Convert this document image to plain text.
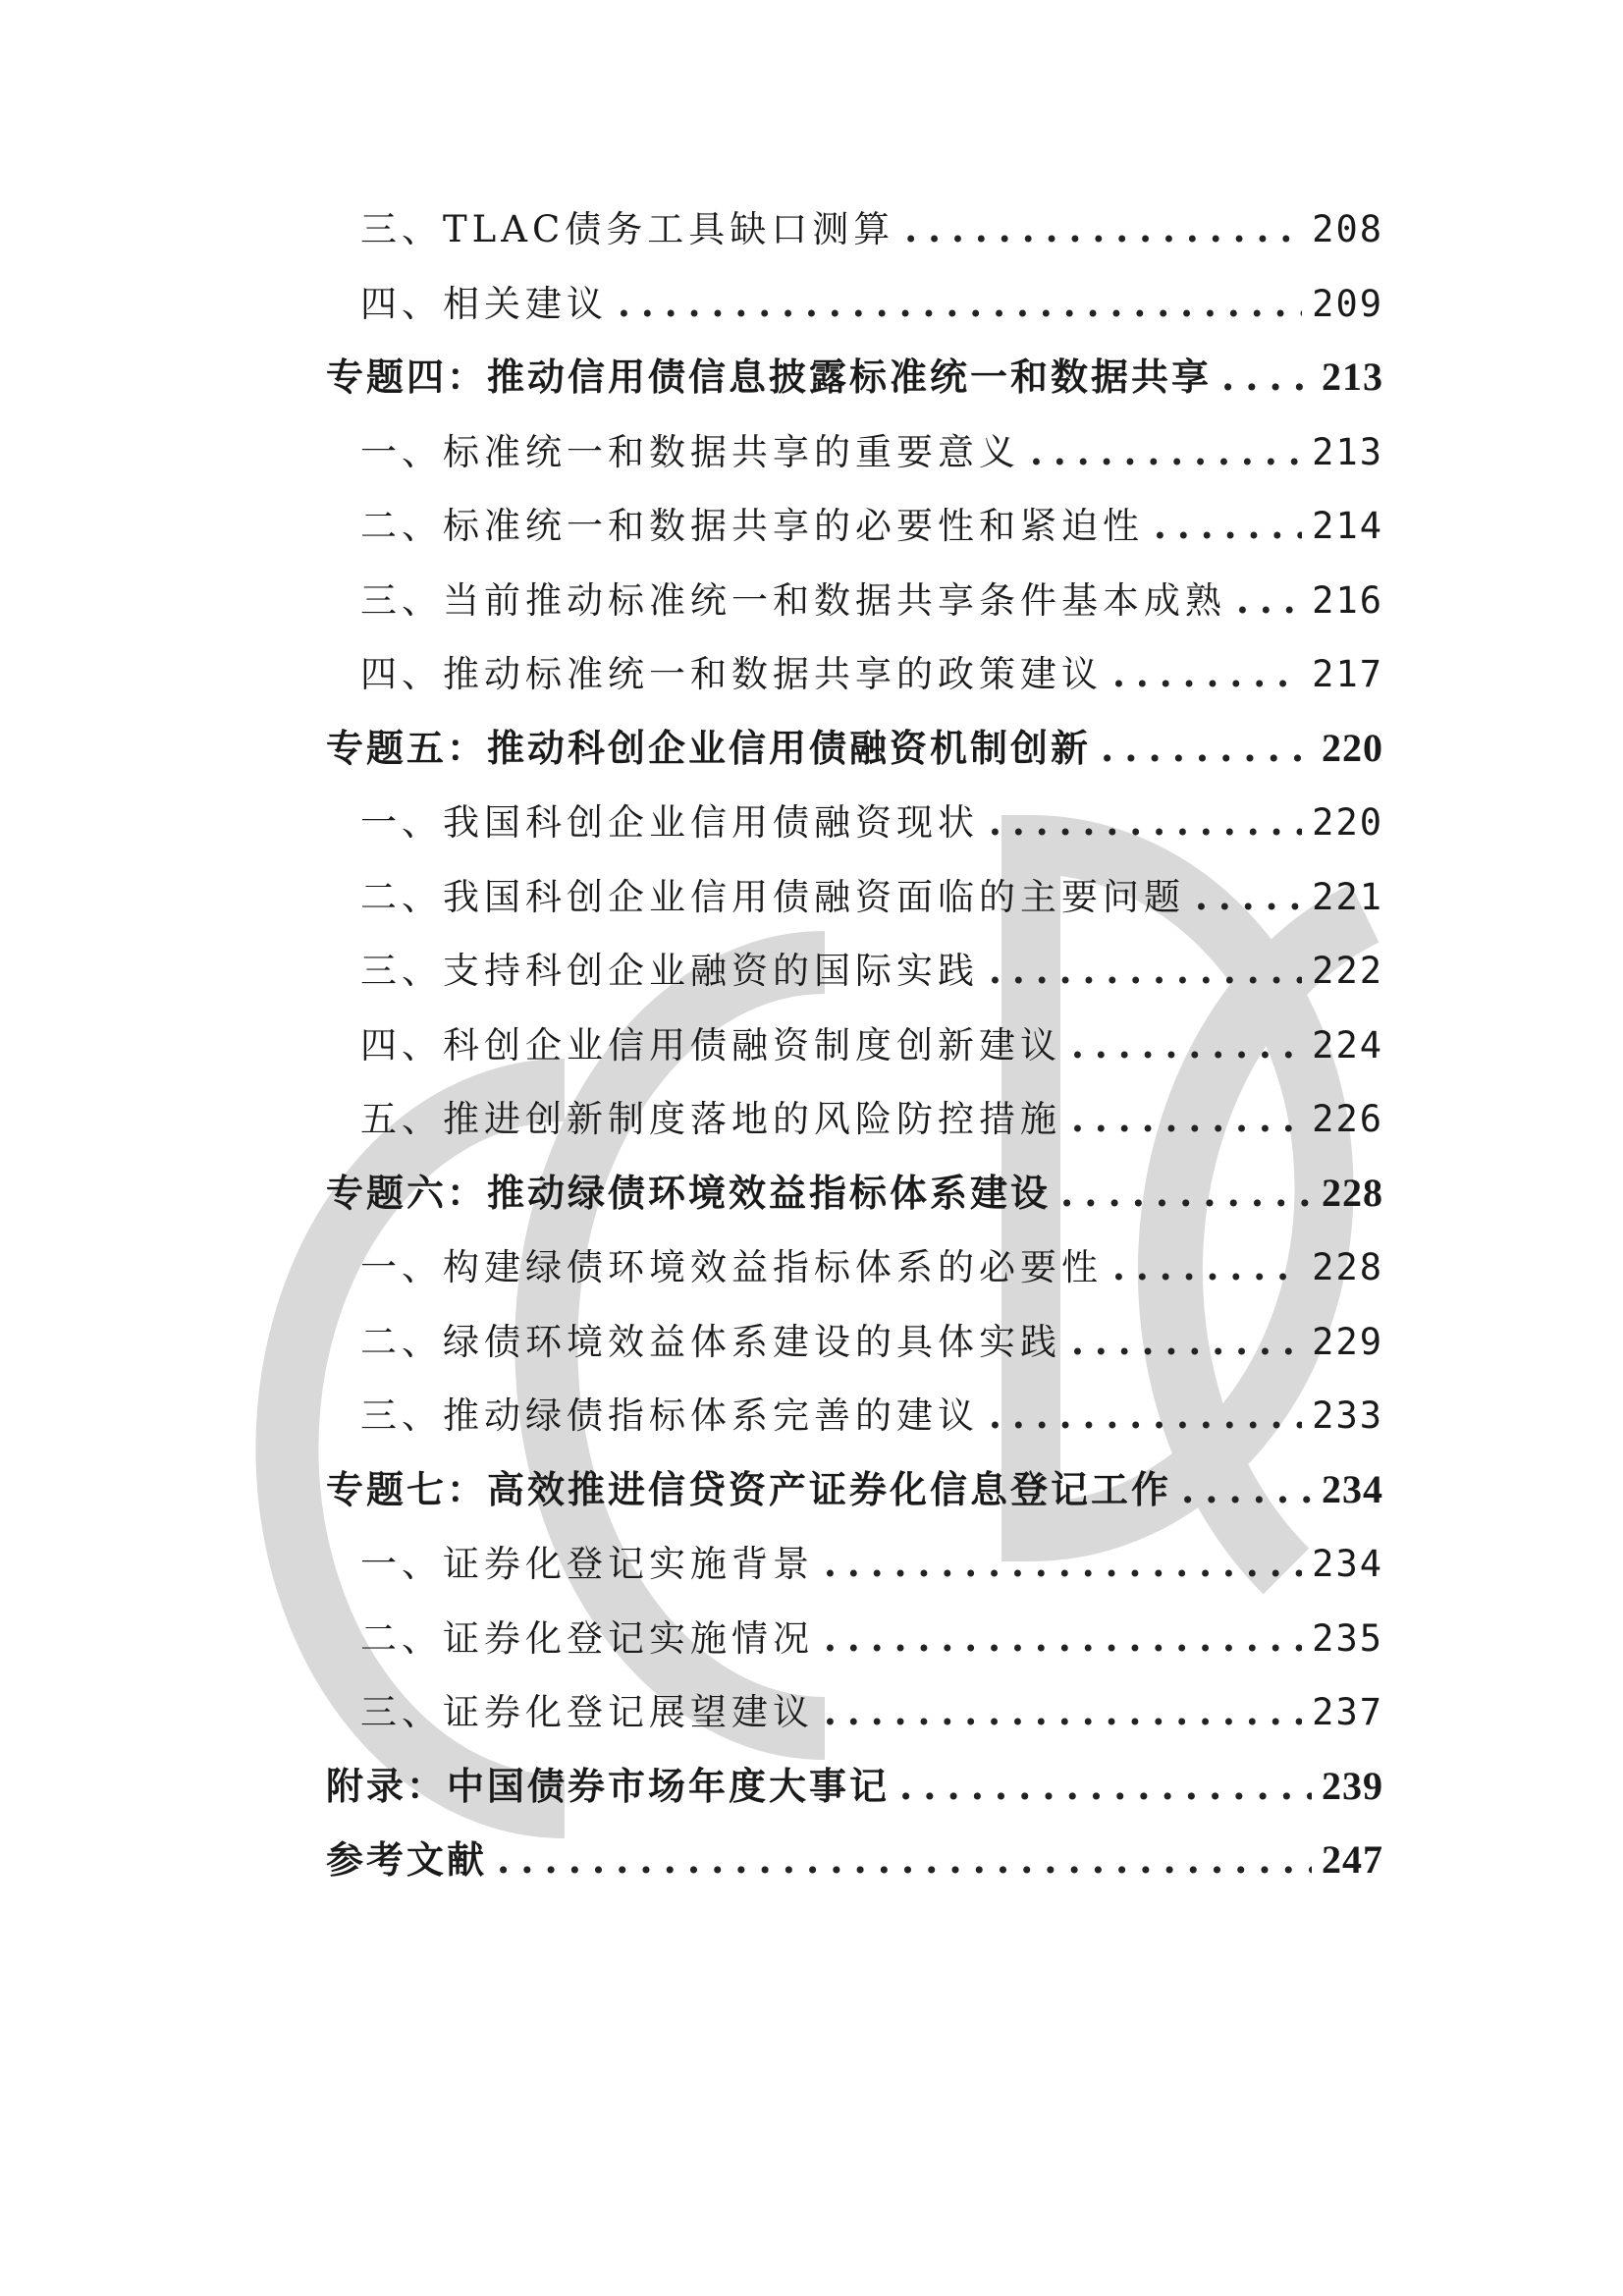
三、TLAC债务工具缺口测算 .....	208
四、相关建议 .....	209
专题四：推动信用债信息披露标准统一和数据共享 .....	213
一、标准统一和数据共享的重要意义 .....	213
二、标准统一和数据共享的必要性和紧迫性 .....	214
三、当前推动标准统一和数据共享条件基本成熟 ..... 216
四、推动标准统一和数据共享的政策建议 .....	217
专题五：推动科创企业信用债融资机制创新 .....	220
一、我国科创企业信用债融资现状 .....	220
二、我国科创企业信用债融资面临的主要问题 .....	221
三、支持科创企业融资的国际实践 .....	222
四、科创企业信用债融资制度创新建议 .....	224
五、推进创新制度落地的风险防控措施 .....	226
专题六：推动绿债环境效益指标体系建设 .....	228
一、构建绿债环境效益指标体系的必要性 .....	228
二、绿债环境效益体系建设的具体实践 .....	229
三、推动绿债指标体系完善的建议 .....	233
专题七：高效推进信贷资产证券化信息登记工作 .....	234
一、证券化登记实施背景 .....	234
二、证券化登记实施情况 .....	235
三、证券化登记展望建议 .....	237
附录：中国债券市场年度大事记 .....	239
参考文献 .....	247
